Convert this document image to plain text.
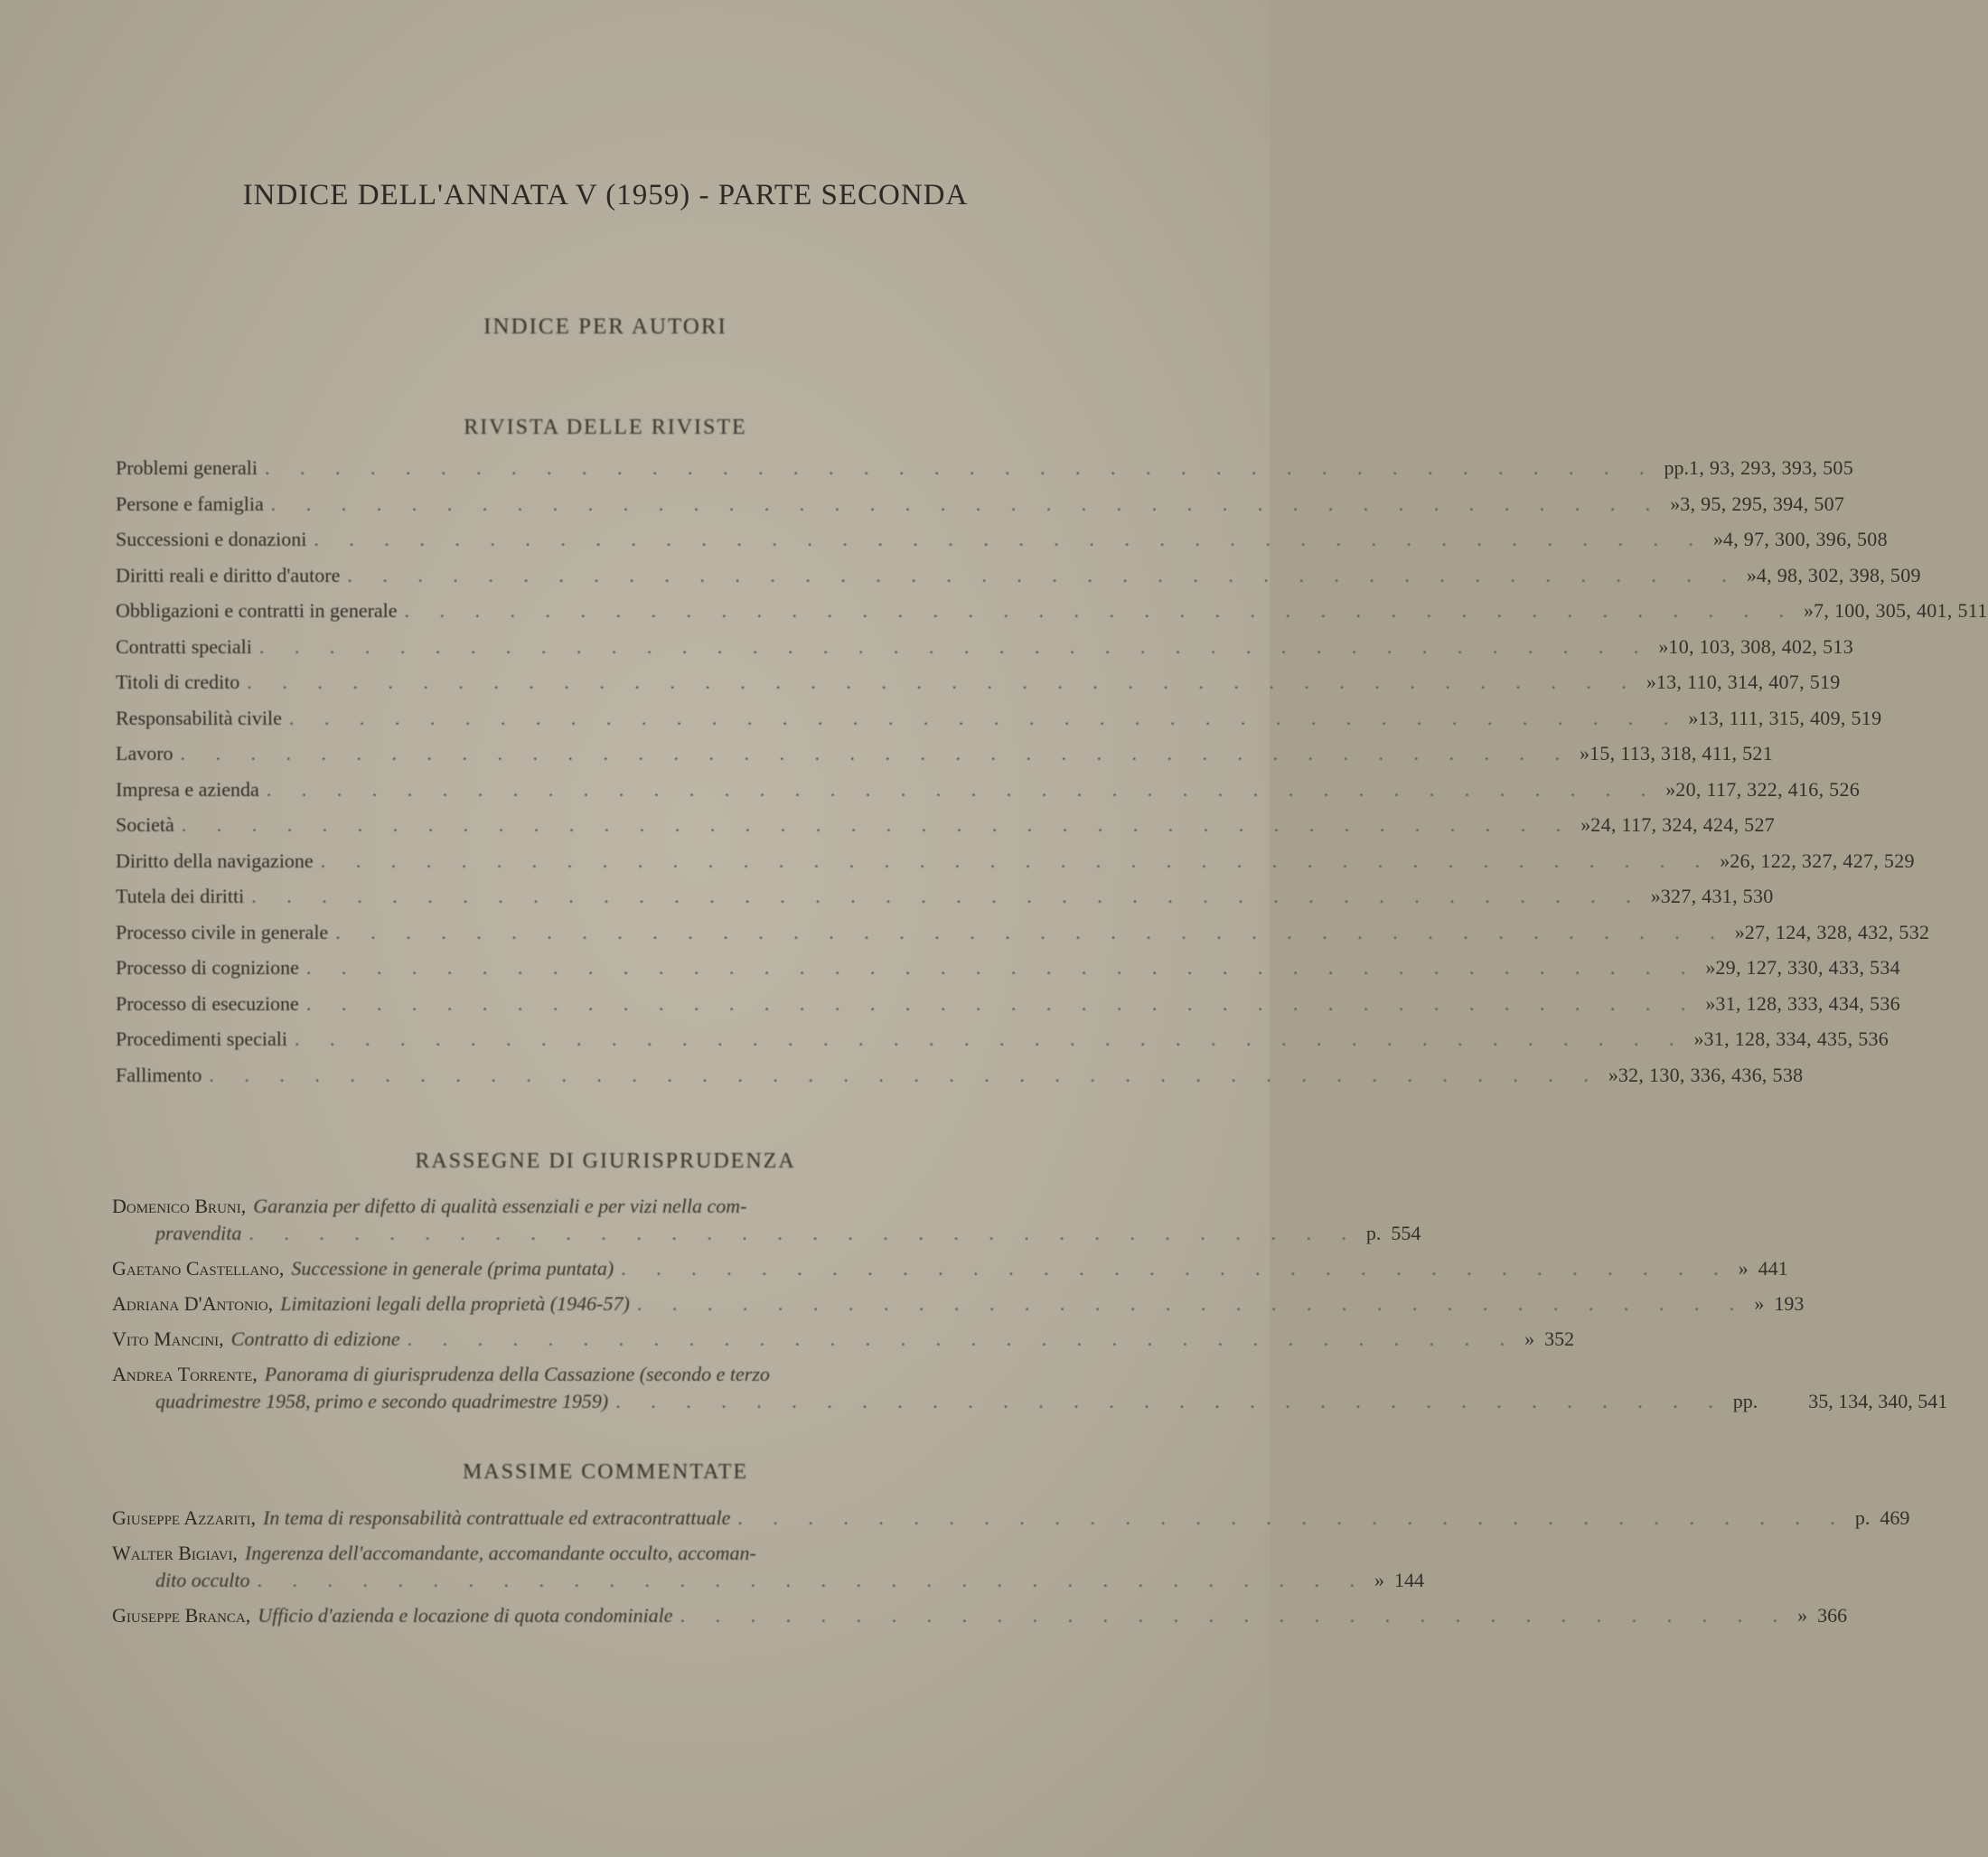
INDICE DELL'ANNATA V (1959) - PARTE SECONDA
INDICE PER AUTORI
RIVISTA DELLE RIVISTE
Problemi generali . . . . . . . . . . . . . . . . . . . . . . . . . . . . . . . . . . . . . . . . pp. 1, 93, 293, 393, 505
Persone e famiglia . . . . . . . . . . . . . . . . . . . . . . . . . . . . . . . . . . . . . . . . » 3, 95, 295, 394, 507
Successioni e donazioni . . . . . . . . . . . . . . . . . . . . . . . . . . . . . . . . . . . . . . . . » 4, 97, 300, 396, 508
Diritti reali e diritto d'autore . . . . . . . . . . . . . . . . . . . . . . . . . . . . . . . . . . . . . . . . » 4, 98, 302, 398, 509
Obbligazioni e contratti in generale . . . . . . . . . . . . . . . . . . . . . . . . . . . . . . . . . . . . . . . . » 7, 100, 305, 401, 511
Contratti speciali . . . . . . . . . . . . . . . . . . . . . . . . . . . . . . . . . . . . . . . . » 10, 103, 308, 402, 513
Titoli di credito . . . . . . . . . . . . . . . . . . . . . . . . . . . . . . . . . . . . . . . . » 13, 110, 314, 407, 519
Responsabilità civile . . . . . . . . . . . . . . . . . . . . . . . . . . . . . . . . . . . . . . . . » 13, 111, 315, 409, 519
Lavoro . . . . . . . . . . . . . . . . . . . . . . . . . . . . . . . . . . . . . . . . » 15, 113, 318, 411, 521
Impresa e azienda . . . . . . . . . . . . . . . . . . . . . . . . . . . . . . . . . . . . . . . . » 20, 117, 322, 416, 526
Società . . . . . . . . . . . . . . . . . . . . . . . . . . . . . . . . . . . . . . . . » 24, 117, 324, 424, 527
Diritto della navigazione . . . . . . . . . . . . . . . . . . . . . . . . . . . . . . . . . . . . . . . . » 26, 122, 327, 427, 529
Tutela dei diritti . . . . . . . . . . . . . . . . . . . . . . . . . . . . . . . . . . . . . . . . » 327, 431, 530
Processo civile in generale . . . . . . . . . . . . . . . . . . . . . . . . . . . . . . . . . . . . . . . . » 27, 124, 328, 432, 532
Processo di cognizione . . . . . . . . . . . . . . . . . . . . . . . . . . . . . . . . . . . . . . . . » 29, 127, 330, 433, 534
Processo di esecuzione . . . . . . . . . . . . . . . . . . . . . . . . . . . . . . . . . . . . . . . . » 31, 128, 333, 434, 536
Procedimenti speciali . . . . . . . . . . . . . . . . . . . . . . . . . . . . . . . . . . . . . . . . » 31, 128, 334, 435, 536
Fallimento . . . . . . . . . . . . . . . . . . . . . . . . . . . . . . . . . . . . . . . . » 32, 130, 336, 436, 538
RASSEGNE DI GIURISPRUDENZA
Domenico Bruni, Garanzia per difetto di qualità essenziali e per vizi nella com-
pravendita . . . . . . . . . . . . . . . . . . . . . . . . . . . . . . . . p. 554
Gaetano Castellano, Successione in generale (prima puntata) . . . . . . . . . . . . . . . . . . . . . . . . . . . . . . . . » 441
Adriana D'Antonio, Limitazioni legali della proprietà (1946-57) . . . . . . . . . . . . . . . . . . . . . . . . . . . . . . . . » 193
Vito Mancini, Contratto di edizione . . . . . . . . . . . . . . . . . . . . . . . . . . . . . . . . » 352
Andrea Torrente, Panorama di giurisprudenza della Cassazione (secondo e terzo
quadrimestre 1958, primo e secondo quadrimestre 1959) . . . . . . . . . . . . . . . . . . . . . . . . . . . . . . . . pp.	35, 134, 340, 541
MASSIME COMMENTATE
Giuseppe Azzariti, In tema di responsabilità contrattuale ed extracontrattuale . . . . . . . . . . . . . . . . . . . . . . . . . . . . . . . . p. 469
Walter Bigiavi, Ingerenza dell'accomandante, accomandante occulto, accoman-
dito occulto . . . . . . . . . . . . . . . . . . . . . . . . . . . . . . . . » 144
Giuseppe Branca, Ufficio d'azienda e locazione di quota condominiale . . . . . . . . . . . . . . . . . . . . . . . . . . . . . . . . » 366
